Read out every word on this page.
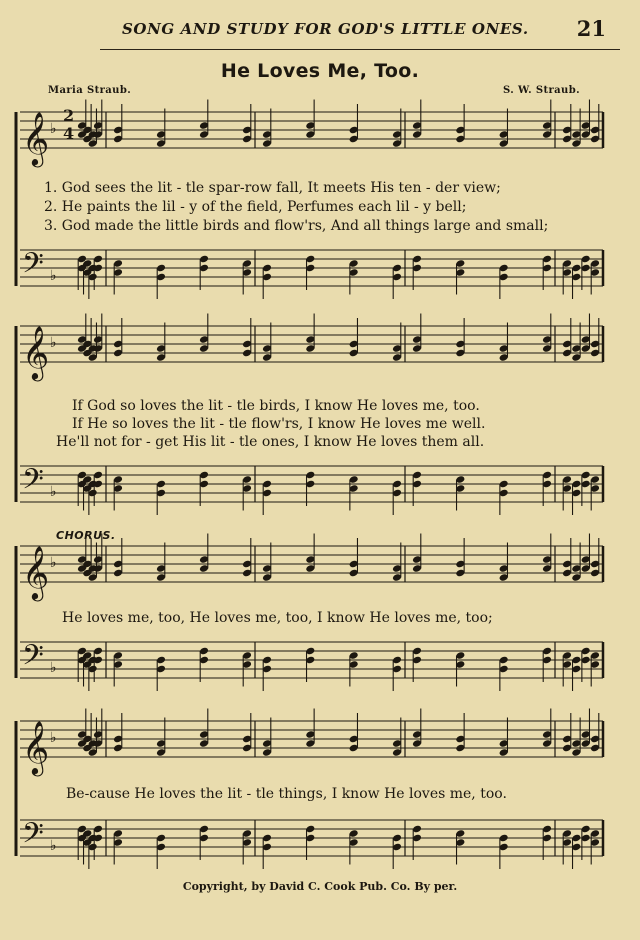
SONG AND STUDY FOR GOD'S LITTLE ONES. 21
He Loves Me, Too.
Maria Straub.	S. W. Straub.
𝄞
𝄢
♭
♭
𝄞
𝄢
♭
♭
𝄞
𝄢
♭
♭
𝄞
𝄢
♭
♭
2
4
1. God sees the lit - tle spar-row fall, It meets His ten - der view;
2. He paints the lil - y of the field, Perfumes each lil - y bell;
3. God made the little birds and flow'rs, And all things large and small;
If God so loves the lit - tle birds, I know He loves me, too.
If He so loves the lit - tle flow'rs, I know He loves me well.
He'll not for - get His lit - tle ones, I know He loves them all.
CHORUS.
He loves me, too, He loves me, too, I know He loves me, too;
Be-cause He loves the lit - tle things, I know He loves me, too.
Copyright, by David C. Cook Pub. Co. By per.
